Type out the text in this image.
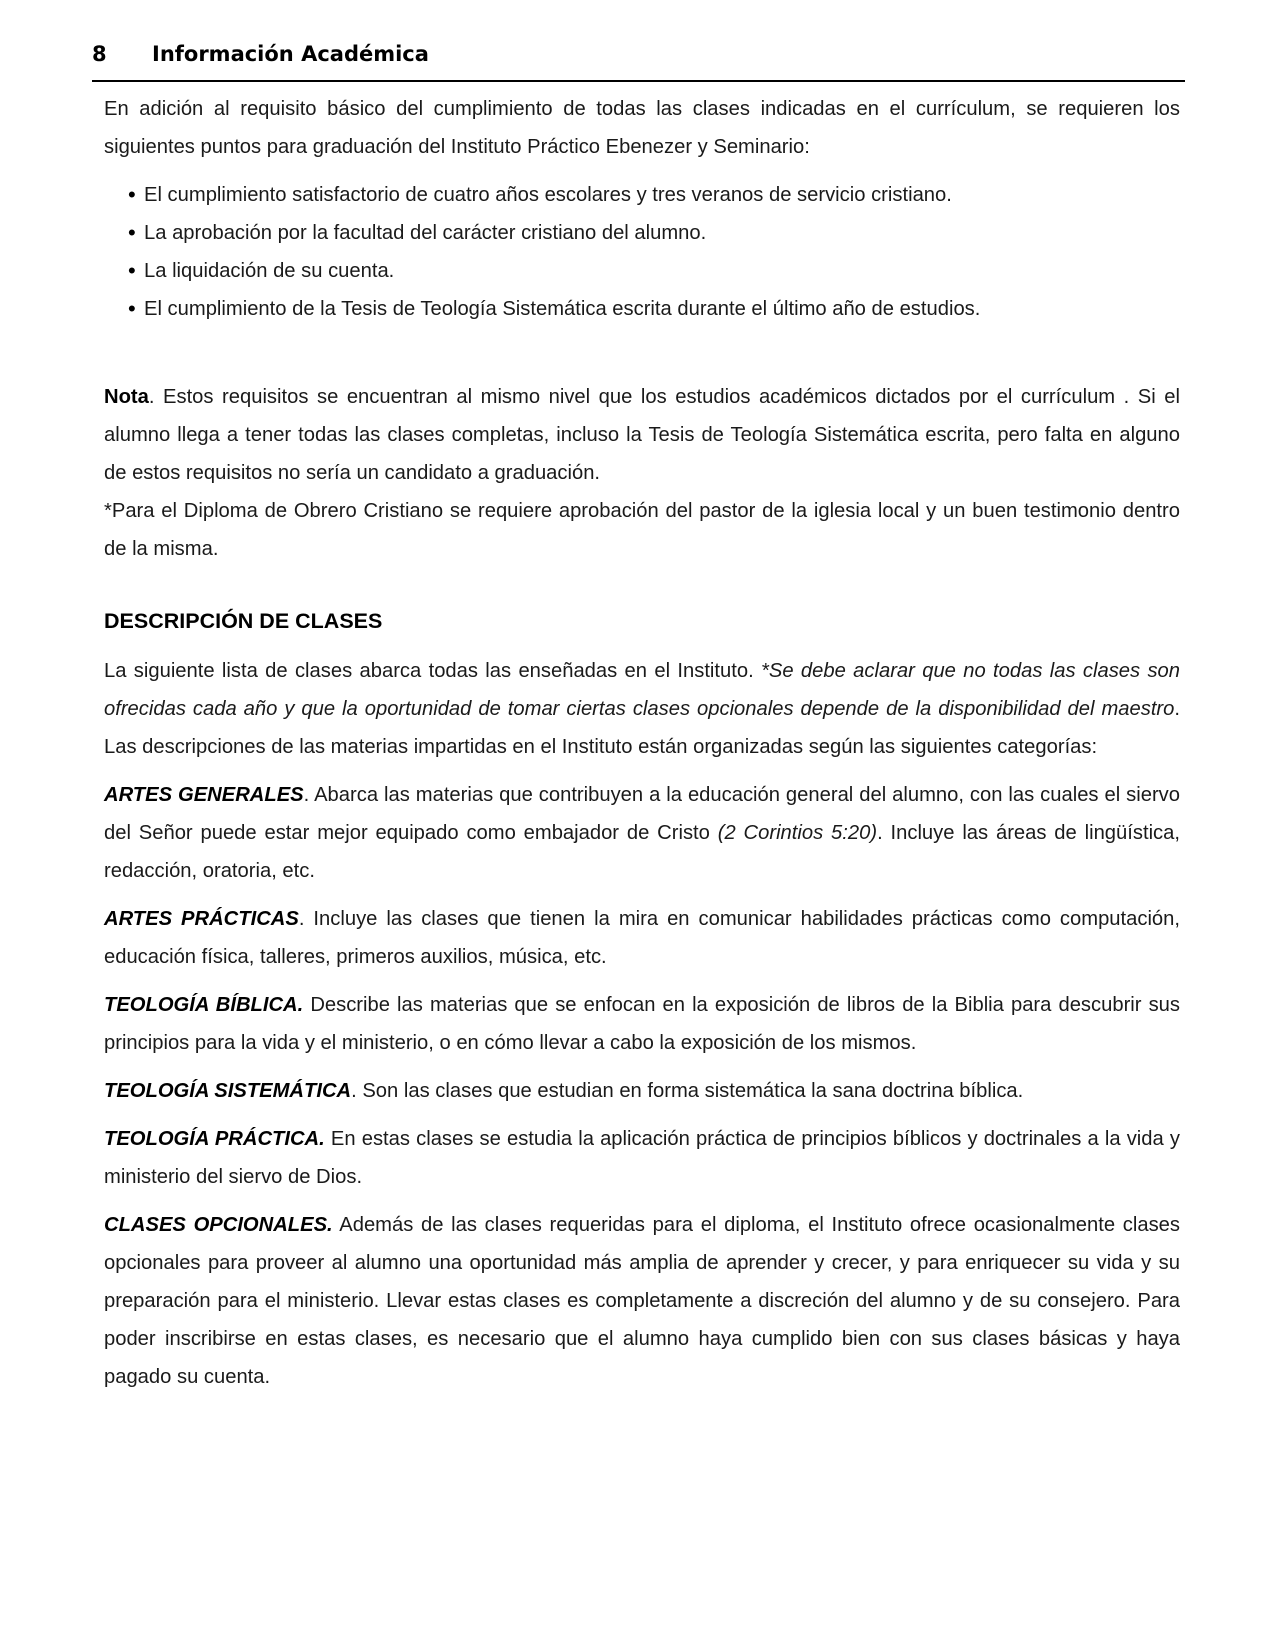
8 Información Académica

En adición al requisito básico del cumplimiento de todas las clases indicadas en el currículum, se requieren los siguientes puntos para graduación del Instituto Práctico Ebenezer y Seminario:

• El cumplimiento satisfactorio de cuatro años escolares y tres veranos de servicio cristiano.
• La aprobación por la facultad del carácter cristiano del alumno.
• La liquidación de su cuenta.
• El cumplimiento de la Tesis de Teología Sistemática escrita durante el último año de estudios.

Nota. Estos requisitos se encuentran al mismo nivel que los estudios académicos dictados por el currículum . Si el alumno llega a tener todas las clases completas, incluso la Tesis de Teología Sistemática escrita, pero falta en alguno de estos requisitos no sería un candidato a graduación.

*Para el Diploma de Obrero Cristiano se requiere aprobación del pastor de la iglesia local y un buen testimonio dentro de la misma.

DESCRIPCIÓN DE CLASES

La siguiente lista de clases abarca todas las enseñadas en el Instituto. *Se debe aclarar que no todas las clases son ofrecidas cada año y que la oportunidad de tomar ciertas clases opcionales depende de la disponibilidad del maestro. Las descripciones de las materias impartidas en el Instituto están organizadas según las siguientes categorías:

ARTES GENERALES. Abarca las materias que contribuyen a la educación general del alumno, con las cuales el siervo del Señor puede estar mejor equipado como embajador de Cristo (2 Corintios 5:20). Incluye las áreas de lingüística, redacción, oratoria, etc.

ARTES PRÁCTICAS. Incluye las clases que tienen la mira en comunicar habilidades prácticas como computación, educación física, talleres, primeros auxilios, música, etc.

TEOLOGÍA BÍBLICA. Describe las materias que se enfocan en la exposición de libros de la Biblia para descubrir sus principios para la vida y el ministerio, o en cómo llevar a cabo la exposición de los mismos.

TEOLOGÍA SISTEMÁTICA. Son las clases que estudian en forma sistemática la sana doctrina bíblica.

TEOLOGÍA PRÁCTICA. En estas clases se estudia la aplicación práctica de principios bíblicos y doctrinales a la vida y ministerio del siervo de Dios.

CLASES OPCIONALES. Además de las clases requeridas para el diploma, el Instituto ofrece ocasionalmente clases opcionales para proveer al alumno una oportunidad más amplia de aprender y crecer, y para enriquecer su vida y su preparación para el ministerio. Llevar estas clases es completamente a discreción del alumno y de su consejero. Para poder inscribirse en estas clases, es necesario que el alumno haya cumplido bien con sus clases básicas y haya pagado su cuenta.
